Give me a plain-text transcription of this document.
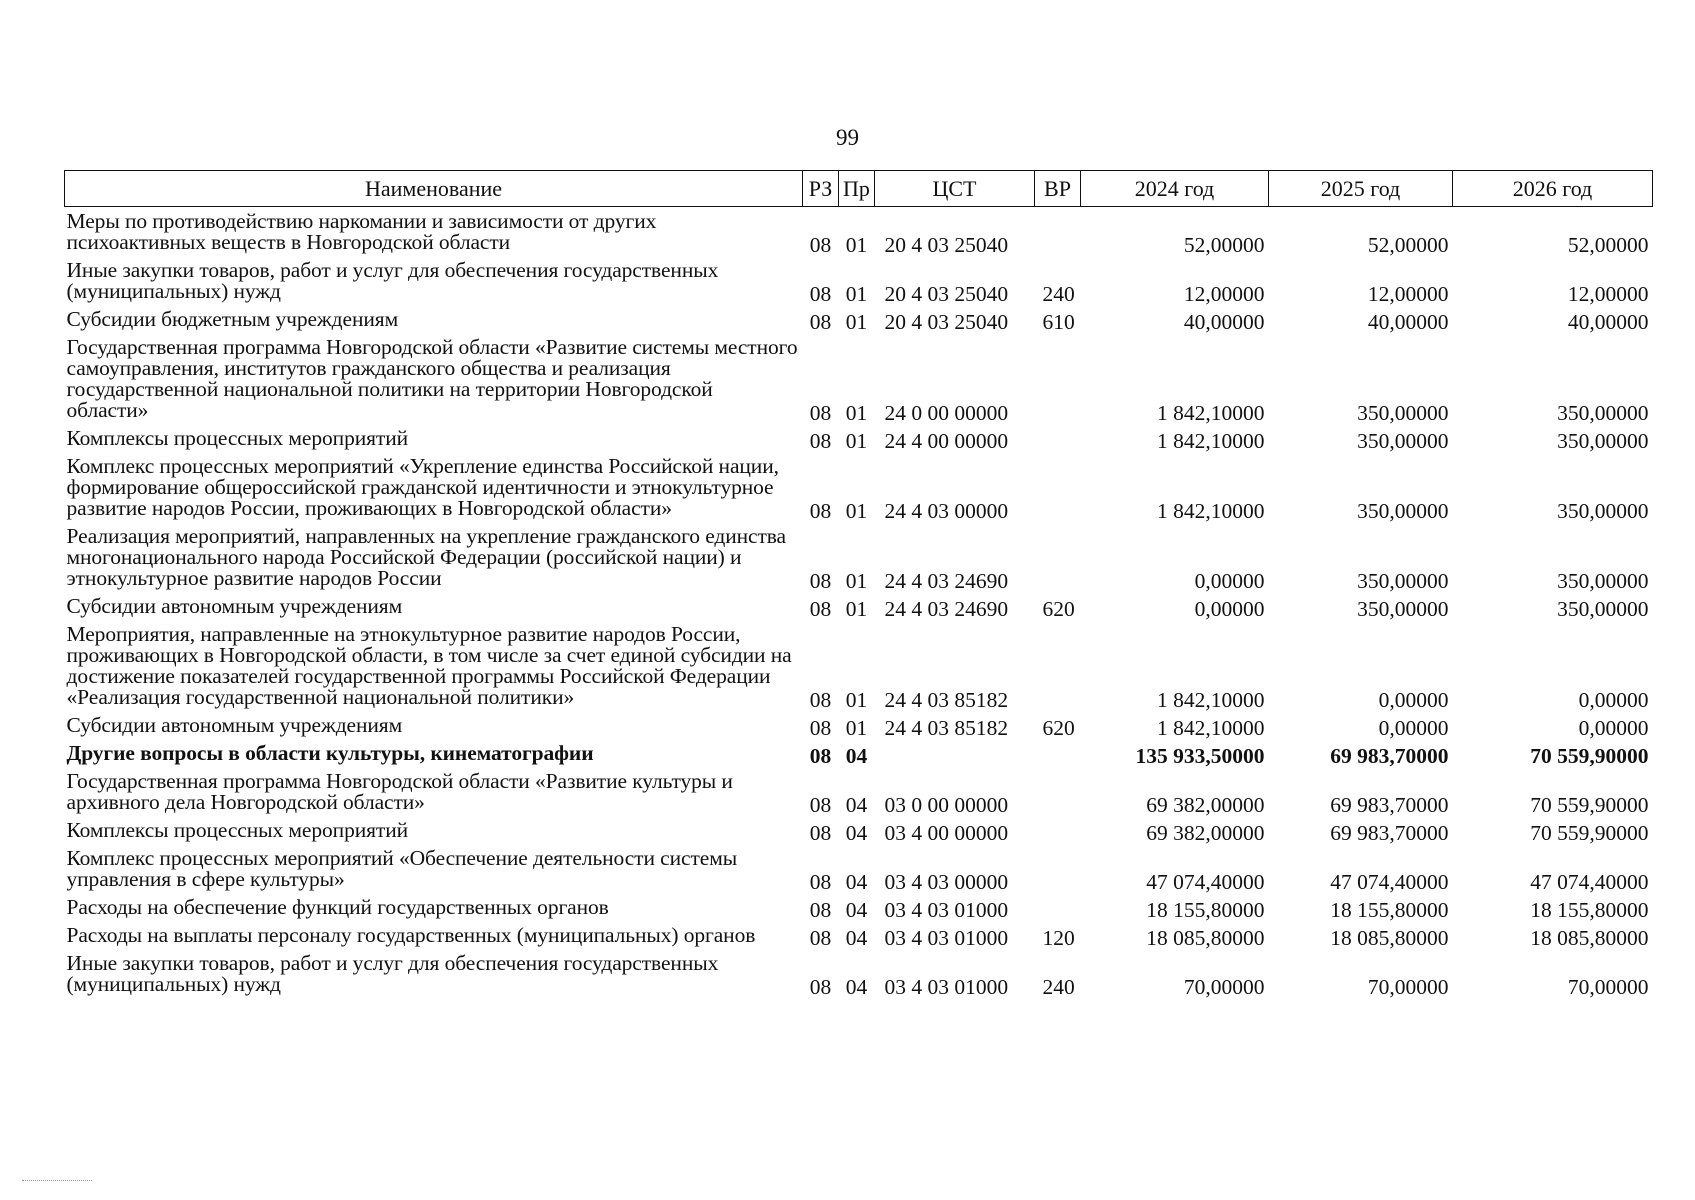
99
Наименование	РЗ	Пр	ЦСТ	ВР	2024 год	2025 год	2026 год
Меры по противодействию наркомании и зависимости от других психоактивных веществ в Новгородской области	08	01	20 4 03 25040		52,00000	52,00000	52,00000
Иные закупки товаров, работ и услуг для обеспечения государственных (муниципальных) нужд	08	01	20 4 03 25040	240	12,00000	12,00000	12,00000
Субсидии бюджетным учреждениям	08	01	20 4 03 25040	610	40,00000	40,00000	40,00000
Государственная программа Новгородской области «Развитие системы местного самоуправления, институтов гражданского общества и реализация государственной национальной политики на территории Новгородской области»	08	01	24 0 00 00000		1 842,10000	350,00000	350,00000
Комплексы процессных мероприятий	08	01	24 4 00 00000		1 842,10000	350,00000	350,00000
Комплекс процессных мероприятий «Укрепление единства Российской нации, формирование общероссийской гражданской идентичности и этнокультурное развитие народов России, проживающих в Новгородской области»	08	01	24 4 03 00000		1 842,10000	350,00000	350,00000
Реализация мероприятий, направленных на укрепление гражданского единства многонационального народа Российской Федерации (российской нации) и этнокультурное развитие народов России	08	01	24 4 03 24690		0,00000	350,00000	350,00000
Субсидии автономным учреждениям	08	01	24 4 03 24690	620	0,00000	350,00000	350,00000
Мероприятия, направленные на этнокультурное развитие народов России, проживающих в Новгородской области, в том числе за счет единой субсидии на достижение показателей государственной программы Российской Федерации «Реализация государственной национальной политики»	08	01	24 4 03 85182		1 842,10000	0,00000	0,00000
Субсидии автономным учреждениям	08	01	24 4 03 85182	620	1 842,10000	0,00000	0,00000
Другие вопросы в области культуры, кинематографии	08	04			135 933,50000	69 983,70000	70 559,90000
Государственная программа Новгородской области «Развитие культуры и архивного дела Новгородской области»	08	04	03 0 00 00000		69 382,00000	69 983,70000	70 559,90000
Комплексы процессных мероприятий	08	04	03 4 00 00000		69 382,00000	69 983,70000	70 559,90000
Комплекс процессных мероприятий «Обеспечение деятельности системы управления в сфере культуры»	08	04	03 4 03 00000		47 074,40000	47 074,40000	47 074,40000
Расходы на обеспечение функций государственных органов	08	04	03 4 03 01000		18 155,80000	18 155,80000	18 155,80000
Расходы на выплаты персоналу государственных (муниципальных) органов	08	04	03 4 03 01000	120	18 085,80000	18 085,80000	18 085,80000
Иные закупки товаров, работ и услуг для обеспечения государственных (муниципальных) нужд	08	04	03 4 03 01000	240	70,00000	70,00000	70,00000
